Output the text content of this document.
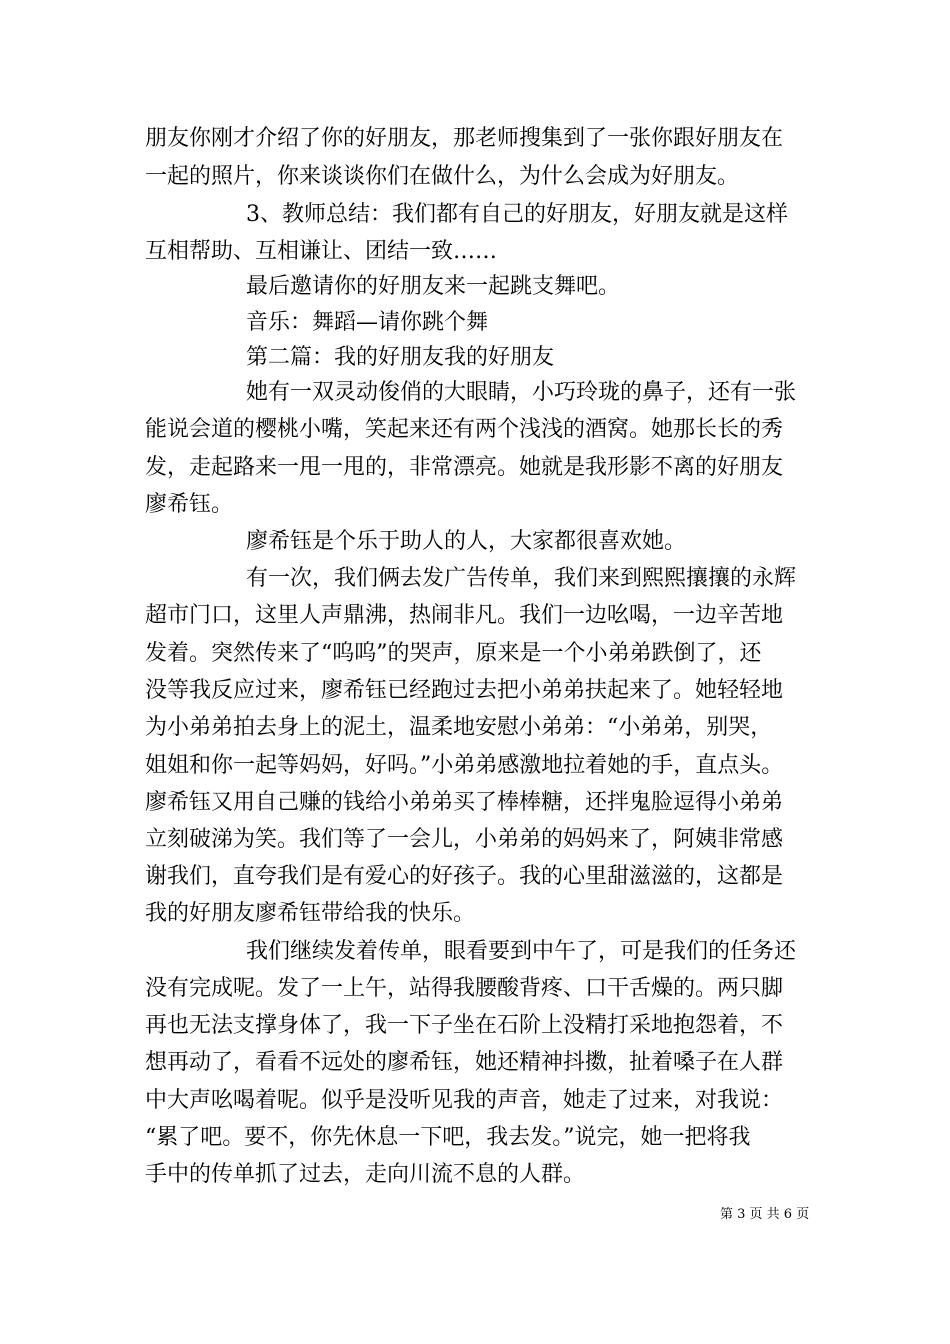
朋友你刚才介绍了你的好朋友，那老师搜集到了一张你跟好朋友在
一起的照片，你来谈谈你们在做什么，为什么会成为好朋友。
3、教师总结：我们都有自己的好朋友，好朋友就是这样
互相帮助、互相谦让、团结一致……
最后邀请你的好朋友来一起跳支舞吧。
音乐：舞蹈—请你跳个舞
第二篇：我的好朋友我的好朋友
她有一双灵动俊俏的大眼睛，小巧玲珑的鼻子，还有一张
能说会道的樱桃小嘴，笑起来还有两个浅浅的酒窝。她那长长的秀
发，走起路来一甩一甩的，非常漂亮。她就是我形影不离的好朋友
廖希钰。
廖希钰是个乐于助人的人，大家都很喜欢她。
有一次，我们俩去发广告传单，我们来到熙熙攘攘的永辉
超市门口，这里人声鼎沸，热闹非凡。我们一边吆喝，一边辛苦地
发着。突然传来了“呜呜”的哭声，原来是一个小弟弟跌倒了，还
没等我反应过来，廖希钰已经跑过去把小弟弟扶起来了。她轻轻地
为小弟弟拍去身上的泥土，温柔地安慰小弟弟：“小弟弟，别哭，
姐姐和你一起等妈妈，好吗。”小弟弟感激地拉着她的手，直点头。
廖希钰又用自己赚的钱给小弟弟买了棒棒糖，还拌鬼脸逗得小弟弟
立刻破涕为笑。我们等了一会儿，小弟弟的妈妈来了，阿姨非常感
谢我们，直夸我们是有爱心的好孩子。我的心里甜滋滋的，这都是
我的好朋友廖希钰带给我的快乐。
我们继续发着传单，眼看要到中午了，可是我们的任务还
没有完成呢。发了一上午，站得我腰酸背疼、口干舌燥的。两只脚
再也无法支撑身体了，我一下子坐在石阶上没精打采地抱怨着，不
想再动了，看看不远处的廖希钰，她还精神抖擞，扯着嗓子在人群
中大声吆喝着呢。似乎是没听见我的声音，她走了过来，对我说：
“累了吧。要不，你先休息一下吧，我去发。”说完，她一把将我
手中的传单抓了过去，走向川流不息的人群。
第 3 页 共 6 页
